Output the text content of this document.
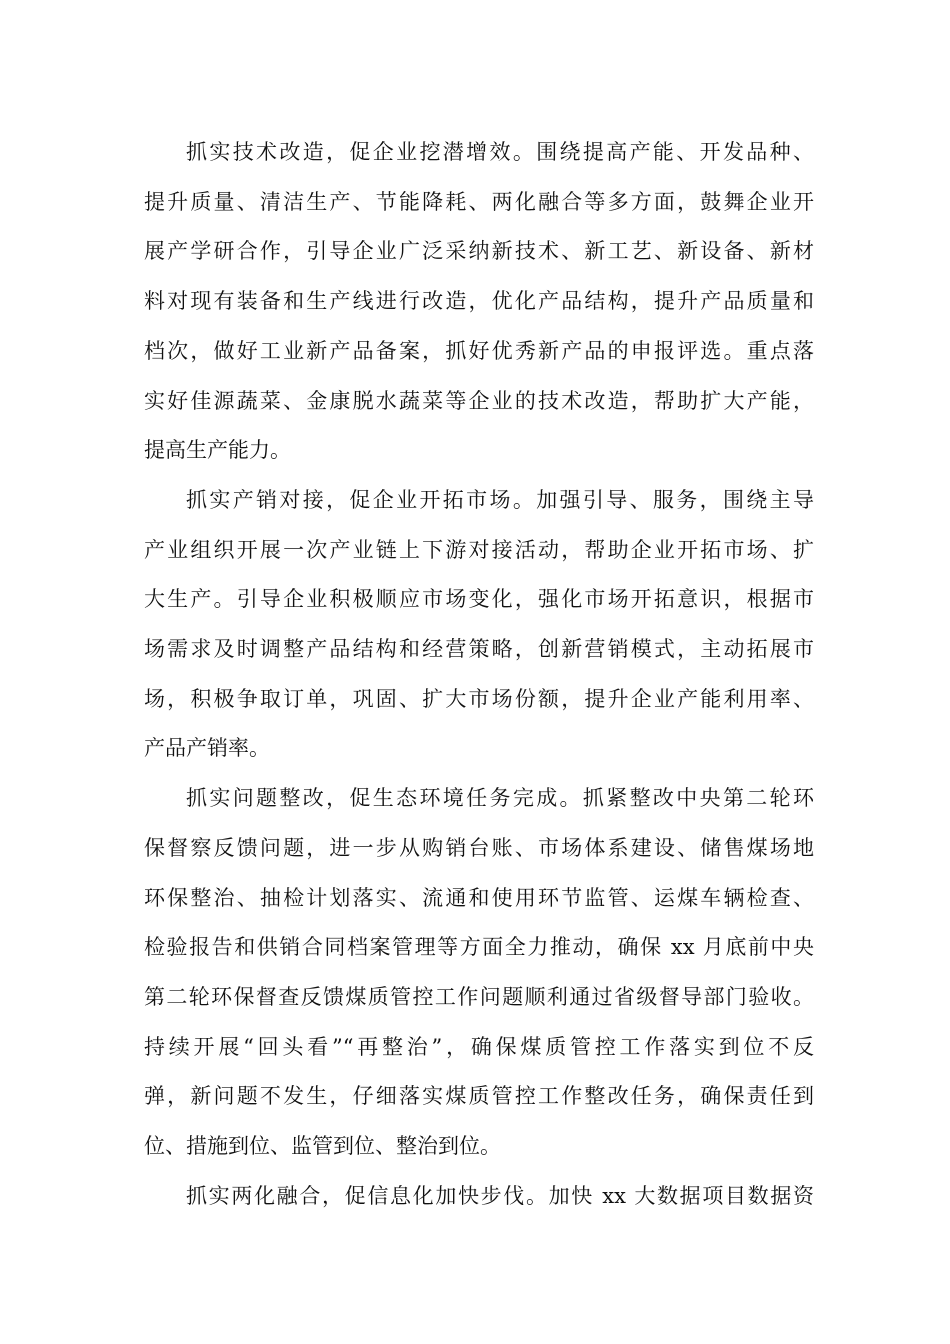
抓实技术改造，促企业挖潜增效。围绕提高产能、开发品种、
提升质量、清洁生产、节能降耗、两化融合等多方面，鼓舞企业开
展产学研合作，引导企业广泛采纳新技术、新工艺、新设备、新材
料对现有装备和生产线进行改造，优化产品结构，提升产品质量和
档次，做好工业新产品备案，抓好优秀新产品的申报评选。重点落
实好佳源蔬菜、金康脱水蔬菜等企业的技术改造，帮助扩大产能，
提高生产能力。
抓实产销对接，促企业开拓市场。加强引导、服务，围绕主导
产业组织开展一次产业链上下游对接活动，帮助企业开拓市场、扩
大生产。引导企业积极顺应市场变化，强化市场开拓意识，根据市
场需求及时调整产品结构和经营策略，创新营销模式，主动拓展市
场，积极争取订单，巩固、扩大市场份额，提升企业产能利用率、
产品产销率。
抓实问题整改，促生态环境任务完成。抓紧整改中央第二轮环
保督察反馈问题，进一步从购销台账、市场体系建设、储售煤场地
环保整治、抽检计划落实、流通和使用环节监管、运煤车辆检查、
检验报告和供销合同档案管理等方面全力推动，确保 xx 月底前中央
第二轮环保督查反馈煤质管控工作问题顺利通过省级督导部门验收。
持续开展“回头看”“再整治”，确保煤质管控工作落实到位不反
弹，新问题不发生，仔细落实煤质管控工作整改任务，确保责任到
位、措施到位、监管到位、整治到位。
抓实两化融合，促信息化加快步伐。加快 xx 大数据项目数据资
